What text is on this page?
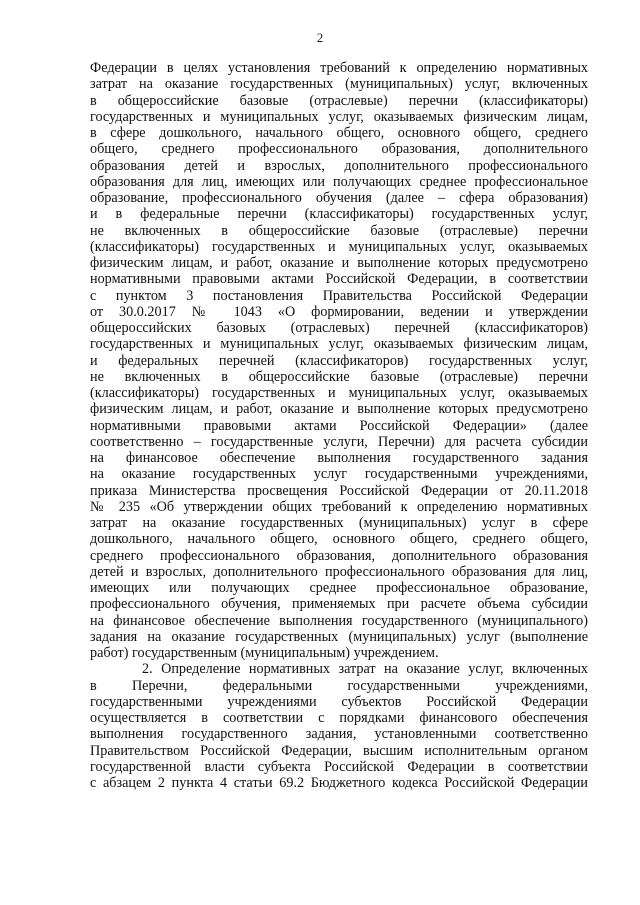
2
Федерации в целях установления требований к определению нормативных
затрат на оказание государственных (муниципальных) услуг, включенных
в общероссийские базовые (отраслевые) перечни (классификаторы)
государственных и муниципальных услуг, оказываемых физическим лицам,
в сфере дошкольного, начального общего, основного общего, среднего
общего, среднего профессионального образования, дополнительного
образования детей и взрослых, дополнительного профессионального
образования для лиц, имеющих или получающих среднее профессиональное
образование, профессионального обучения (далее – сфера образования)
и в федеральные перечни (классификаторы) государственных услуг,
не включенных в общероссийские базовые (отраслевые) перечни
(классификаторы) государственных и муниципальных услуг, оказываемых
физическим лицам, и работ, оказание и выполнение которых предусмотрено
нормативными правовыми актами Российской Федерации, в соответствии
с пунктом 3 постановления Правительства Российской Федерации
от 30.0.2017 № 1043 «О формировании, ведении и утверждении
общероссийских базовых (отраслевых) перечней (классификаторов)
государственных и муниципальных услуг, оказываемых физическим лицам,
и федеральных перечней (классификаторов) государственных услуг,
не включенных в общероссийские базовые (отраслевые) перечни
(классификаторы) государственных и муниципальных услуг, оказываемых
физическим лицам, и работ, оказание и выполнение которых предусмотрено
нормативными правовыми актами Российской Федерации» (далее
соответственно – государственные услуги, Перечни) для расчета субсидии
на финансовое обеспечение выполнения государственного задания
на оказание государственных услуг государственными учреждениями,
приказа Министерства просвещения Российской Федерации от 20.11.2018
№ 235 «Об утверждении общих требований к определению нормативных
затрат на оказание государственных (муниципальных) услуг в сфере
дошкольного, начального общего, основного общего, среднего общего,
среднего профессионального образования, дополнительного образования
детей и взрослых, дополнительного профессионального образования для лиц,
имеющих или получающих среднее профессиональное образование,
профессионального обучения, применяемых при расчете объема субсидии
на финансовое обеспечение выполнения государственного (муниципального)
задания на оказание государственных (муниципальных) услуг (выполнение
работ) государственным (муниципальным) учреждением.
2. Определение нормативных затрат на оказание услуг, включенных
в Перечни, федеральными государственными учреждениями,
государственными учреждениями субъектов Российской Федерации
осуществляется в соответствии с порядками финансового обеспечения
выполнения государственного задания, установленными соответственно
Правительством Российской Федерации, высшим исполнительным органом
государственной власти субъекта Российской Федерации в соответствии
с абзацем 2 пункта 4 статьи 69.2 Бюджетного кодекса Российской Федерации
